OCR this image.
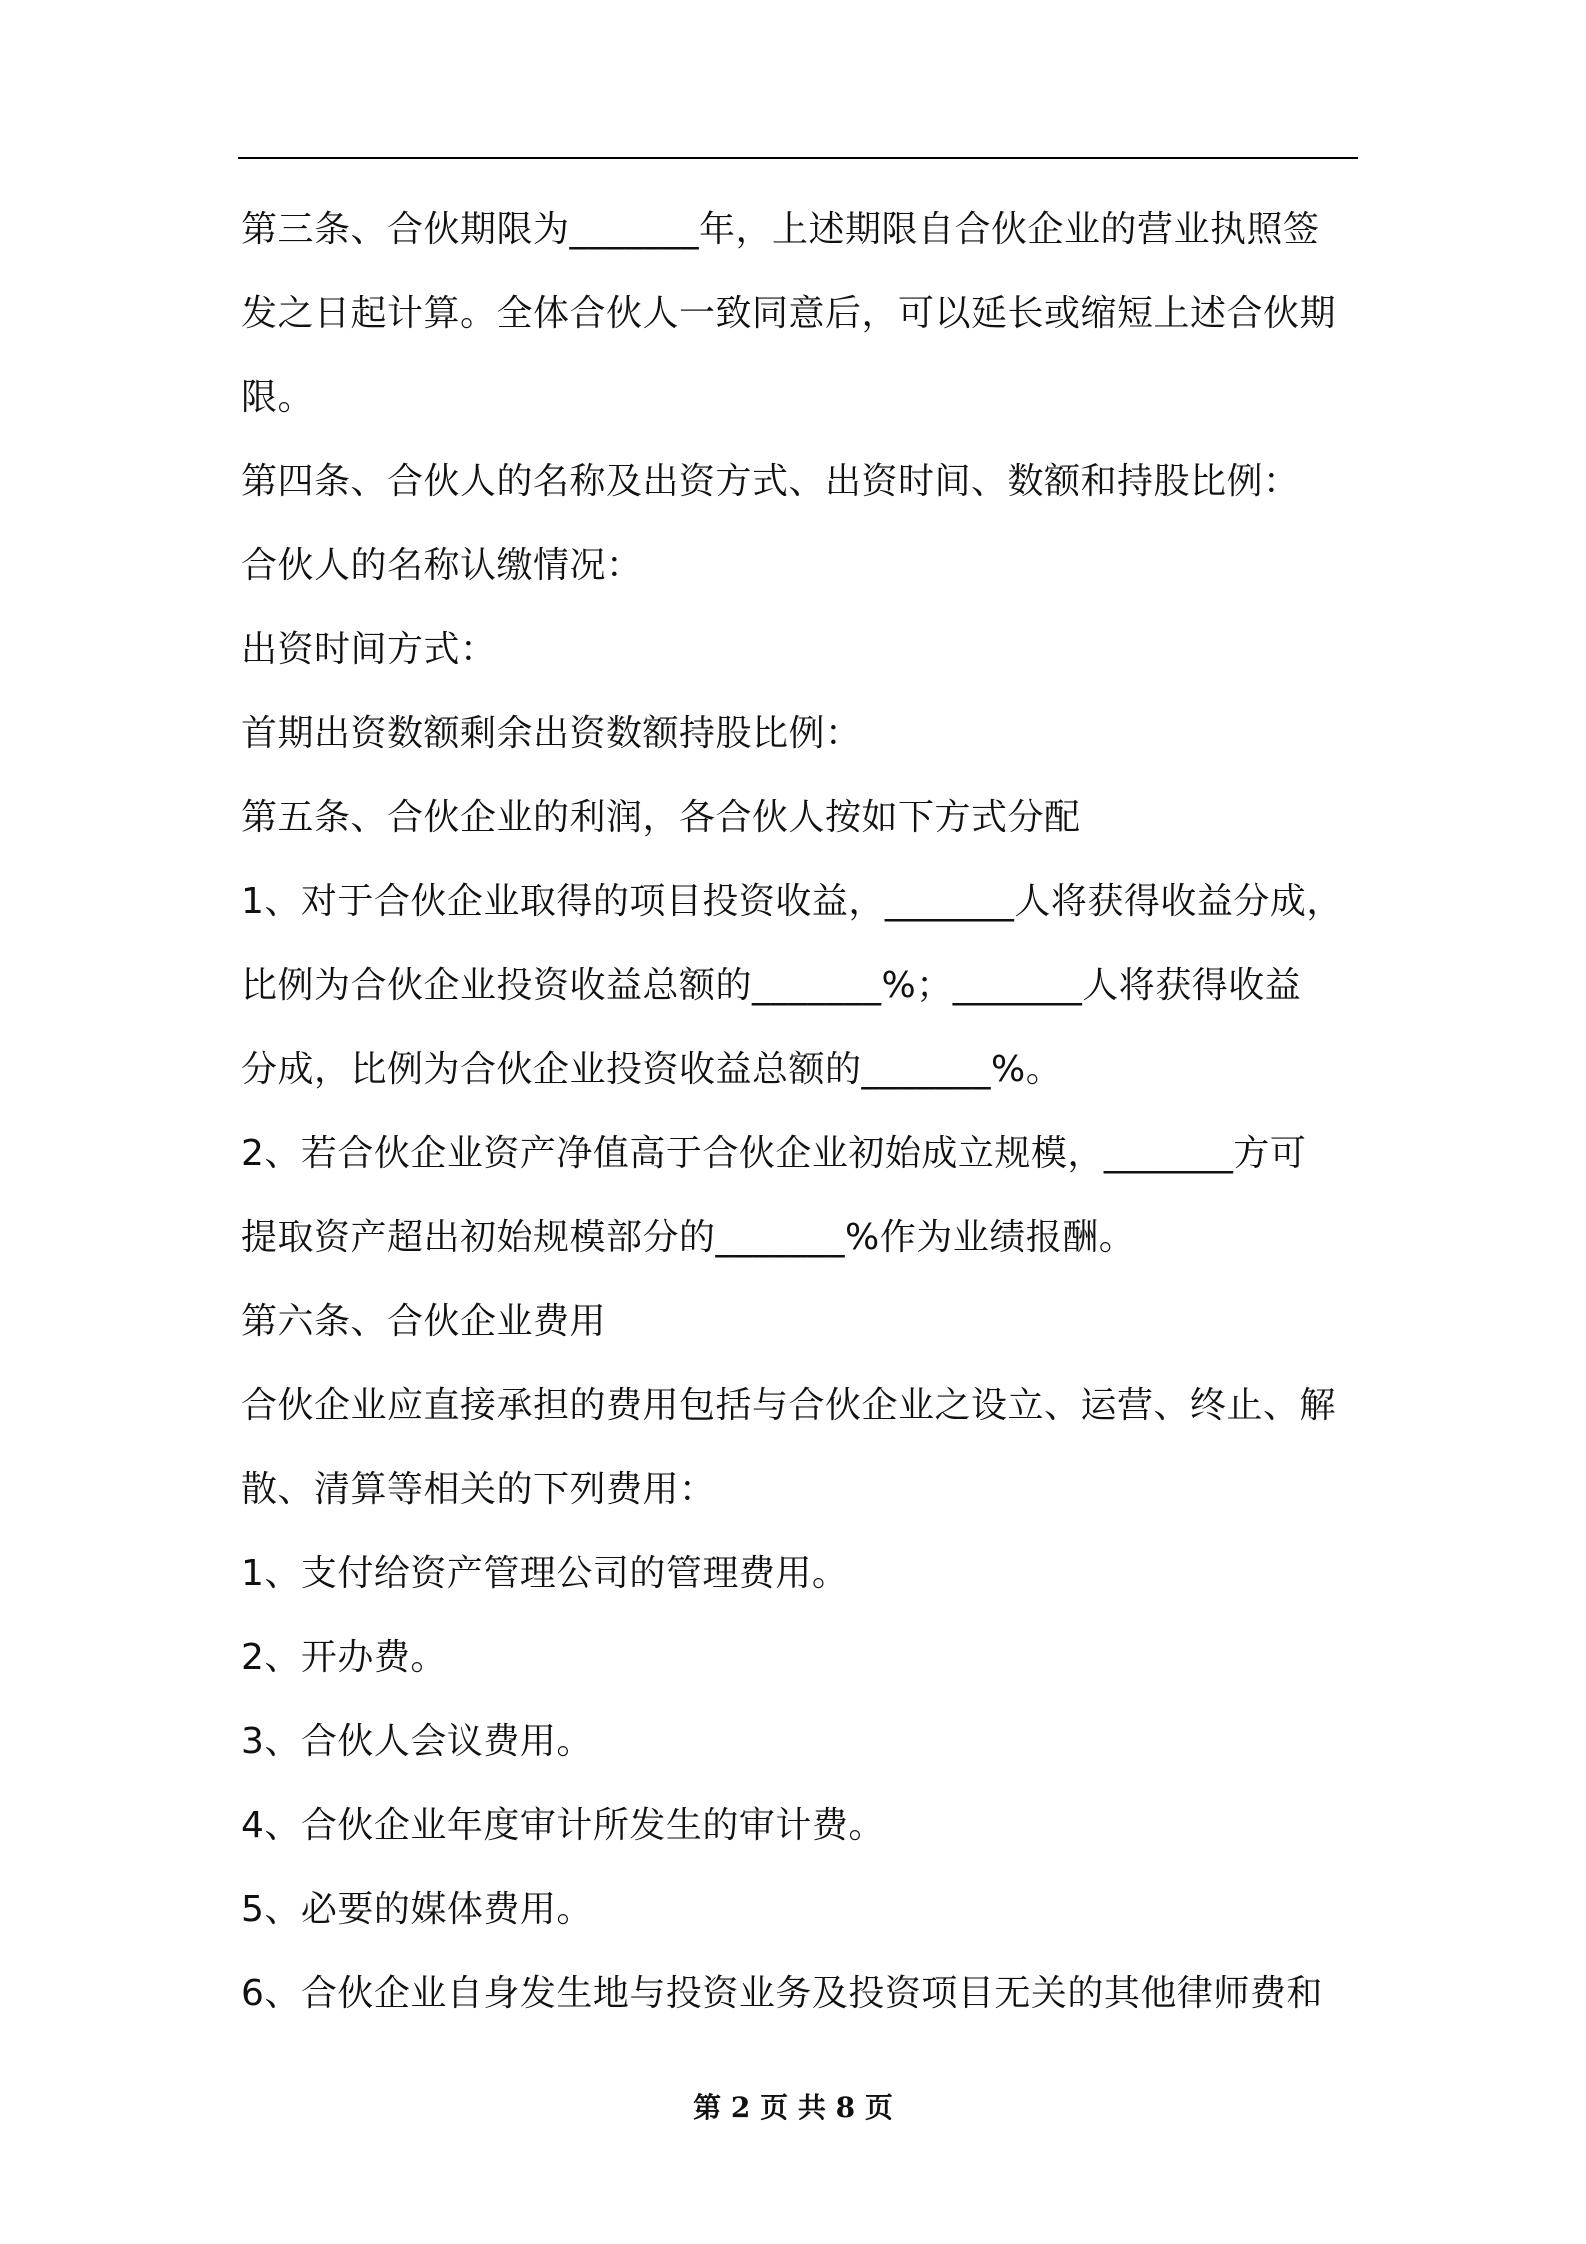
第三条、合伙期限为_______年，上述期限自合伙企业的营业执照签
发之日起计算。全体合伙人一致同意后，可以延长或缩短上述合伙期
限。
第四条、合伙人的名称及出资方式、出资时间、数额和持股比例：
合伙人的名称认缴情况：
出资时间方式：
首期出资数额剩余出资数额持股比例：
第五条、合伙企业的利润，各合伙人按如下方式分配
1、对于合伙企业取得的项目投资收益，_______人将获得收益分成，
比例为合伙企业投资收益总额的_______%；_______人将获得收益
分成，比例为合伙企业投资收益总额的_______%。
2、若合伙企业资产净值高于合伙企业初始成立规模，_______方可
提取资产超出初始规模部分的_______%作为业绩报酬。
第六条、合伙企业费用
合伙企业应直接承担的费用包括与合伙企业之设立、运营、终止、解
散、清算等相关的下列费用：
1、支付给资产管理公司的管理费用。
2、开办费。
3、合伙人会议费用。
4、合伙企业年度审计所发生的审计费。
5、必要的媒体费用。
6、合伙企业自身发生地与投资业务及投资项目无关的其他律师费和
第 2 页 共 8 页
